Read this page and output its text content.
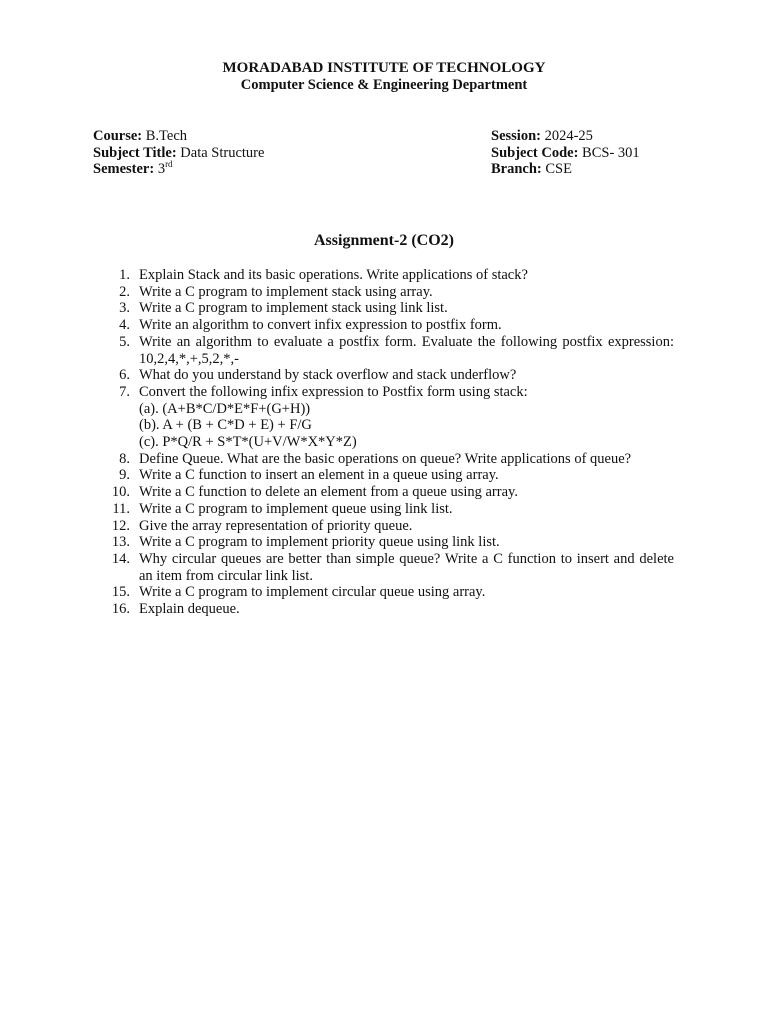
MORADABAD INSTITUTE OF TECHNOLOGY
Computer Science & Engineering Department
Course: B.Tech
Subject Title: Data Structure
Semester: 3rd
Session: 2024-25
Subject Code: BCS- 301
Branch: CSE
Assignment-2 (CO2)
1. Explain Stack and its basic operations. Write applications of stack?
2. Write a C program to implement stack using array.
3. Write a C program to implement stack using link list.
4. Write an algorithm to convert infix expression to postfix form.
5. Write an algorithm to evaluate a postfix form. Evaluate the following postfix expression: 10,2,4,*,+,5,2,*,-
6. What do you understand by stack overflow and stack underflow?
7. Convert the following infix expression to Postfix form using stack:
(a). (A+B*C/D*E*F+(G+H))
(b). A + (B + C*D + E) + F/G
(c). P*Q/R + S*T*(U+V/W*X*Y*Z)
8. Define Queue. What are the basic operations on queue? Write applications of queue?
9. Write a C function to insert an element in a queue using array.
10. Write a C function to delete an element from a queue using array.
11. Write a C program to implement queue using link list.
12. Give the array representation of priority queue.
13. Write a C program to implement priority queue using link list.
14. Why circular queues are better than simple queue? Write a C function to insert and delete an item from circular link list.
15. Write a C program to implement circular queue using array.
16. Explain dequeue.
